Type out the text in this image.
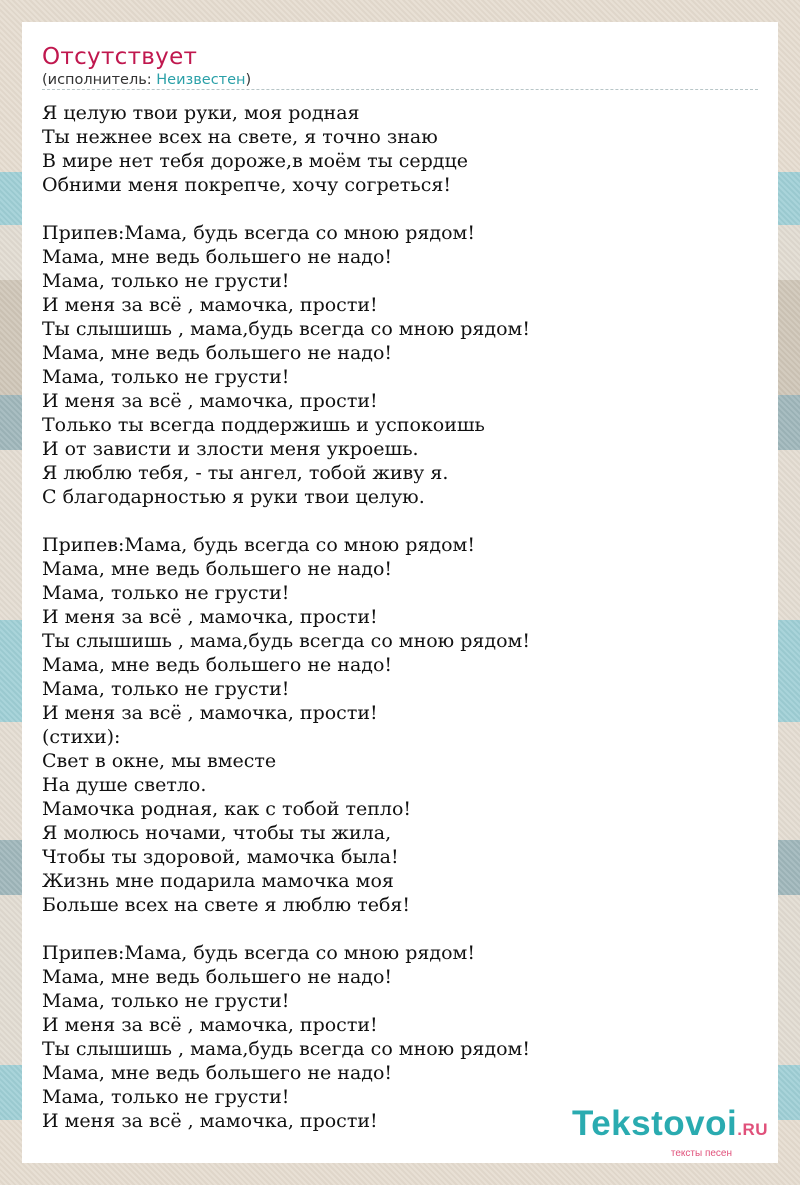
Отсутствует
(исполнитель: Неизвестен)
Я целую твои руки, моя родная
Ты нежнее всех на свете, я точно знаю
В мире нет тебя дороже,в моём ты сердце
Обними меня покрепче, хочу согреться!

Припев:Мама, будь всегда со мною рядом!
Мама, мне ведь большего не надо!
Мама, только не грусти!
И меня за всё , мамочка, прости!
Ты слышишь , мама,будь всегда со мною рядом!
Мама, мне ведь большего не надо!
Мама, только не грусти!
И меня за всё , мамочка, прости!
Только ты всегда поддержишь и успокоишь
И от зависти и злости меня укроешь.
Я люблю тебя, - ты ангел, тобой живу я.
С благодарностью я руки твои целую.

Припев:Мама, будь всегда со мною рядом!
Мама, мне ведь большего не надо!
Мама, только не грусти!
И меня за всё , мамочка, прости!
Ты слышишь , мама,будь всегда со мною рядом!
Мама, мне ведь большего не надо!
Мама, только не грусти!
И меня за всё , мамочка, прости!
(стихи):
Свет в окне, мы вместе
На душе светло.
Мамочка родная, как с тобой тепло!
Я молюсь ночами, чтобы ты жила,
Чтобы ты здоровой, мамочка была!
Жизнь мне подарила мамочка моя
Больше всех на свете я люблю тебя!

Припев:Мама, будь всегда со мною рядом!
Мама, мне ведь большего не надо!
Мама, только не грусти!
И меня за всё , мамочка, прости!
Ты слышишь , мама,будь всегда со мною рядом!
Мама, мне ведь большего не надо!
Мама, только не грусти!
И меня за всё , мамочка, прости!	Tekstovoi.RU
тексты песен
